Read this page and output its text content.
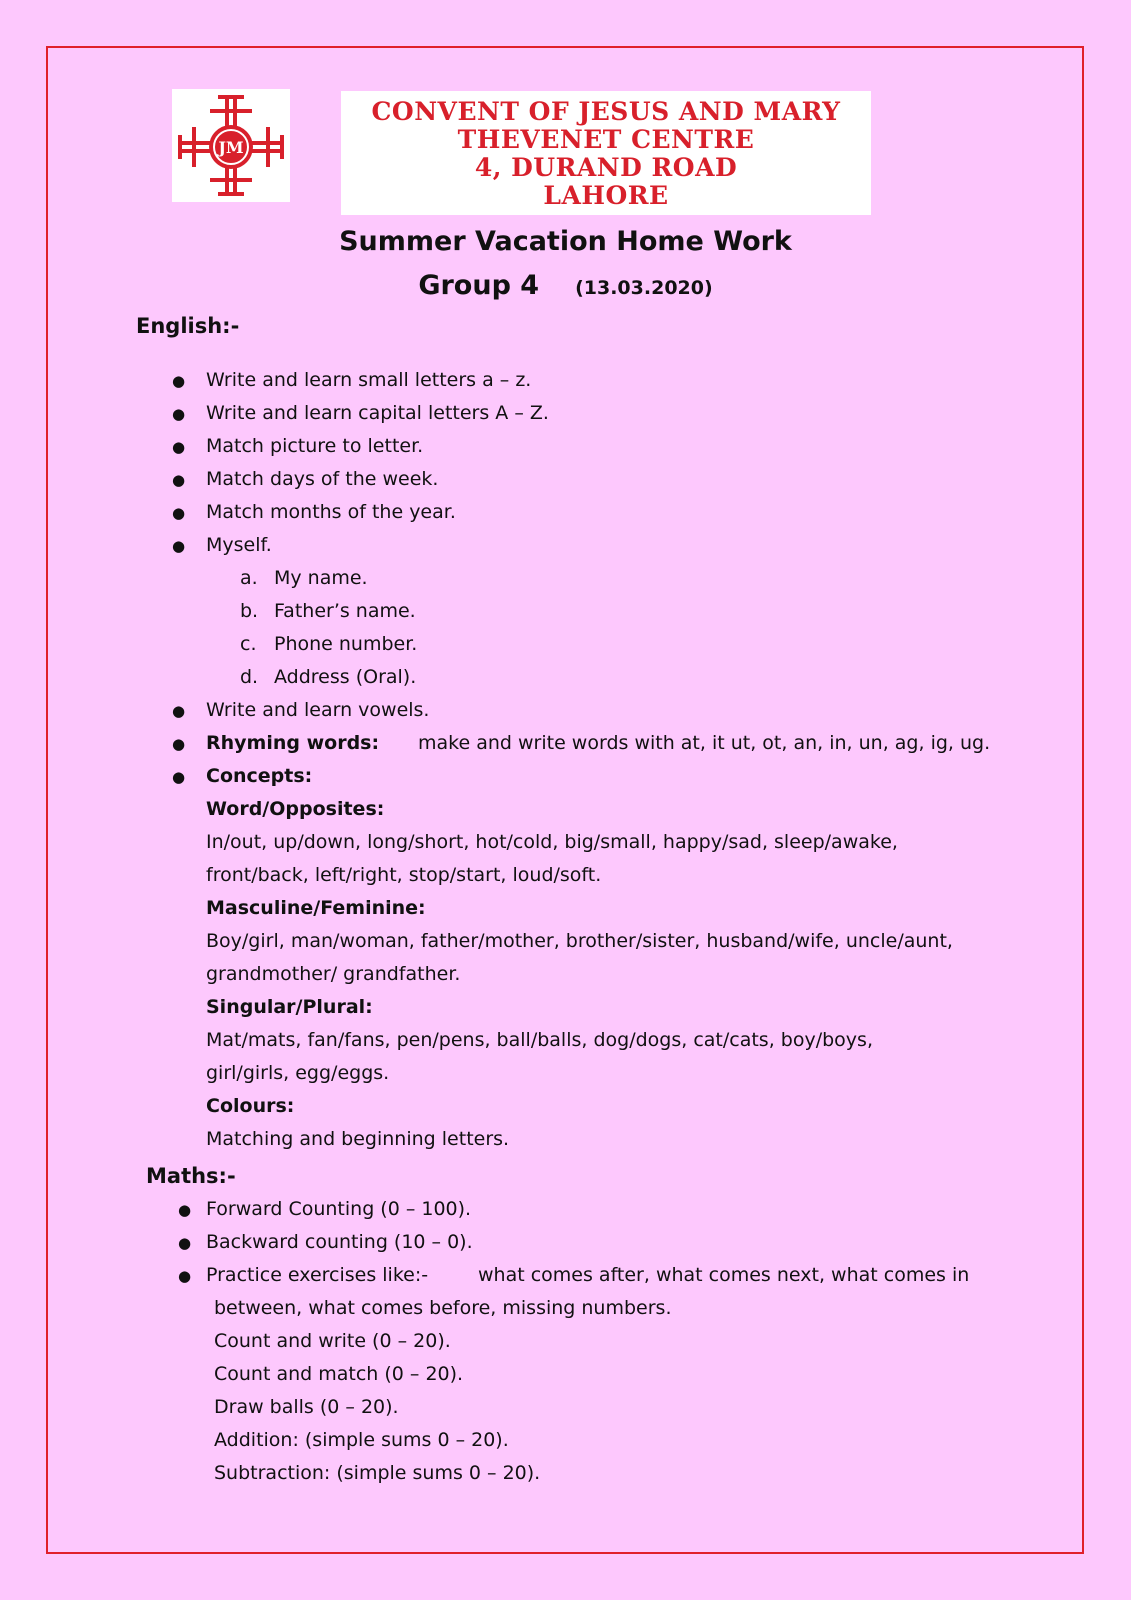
JM
CONVENT OF JESUS AND MARY
THEVENET CENTRE
4, DURAND ROAD
LAHORE
Summer Vacation Home Work
Group 4 (13.03.2020)
English:-
● Write and learn small letters a – z.
● Write and learn capital letters A – Z.
● Match picture to letter.
● Match days of the week.
● Match months of the year.
● Myself.
a. My name.
b. Father’s name.
c. Phone number.
d. Address (Oral).
● Write and learn vowels.
● Rhyming words: make and write words with at, it ut, ot, an, in, un, ag, ig, ug.
● Concepts:
Word/Opposites:
In/out, up/down, long/short, hot/cold, big/small, happy/sad, sleep/awake,
front/back, left/right, stop/start, loud/soft.
Masculine/Feminine:
Boy/girl, man/woman, father/mother, brother/sister, husband/wife, uncle/aunt,
grandmother/ grandfather.
Singular/Plural:
Mat/mats, fan/fans, pen/pens, ball/balls, dog/dogs, cat/cats, boy/boys,
girl/girls, egg/eggs.
Colours:
Matching and beginning letters.
Maths:-
● Forward Counting (0 – 100).
● Backward counting (10 – 0).
● Practice exercises like:-	what comes after, what comes next, what comes in
between, what comes before, missing numbers.
Count and write (0 – 20).
Count and match (0 – 20).
Draw balls (0 – 20).
Addition: (simple sums 0 – 20).
Subtraction: (simple sums 0 – 20).
